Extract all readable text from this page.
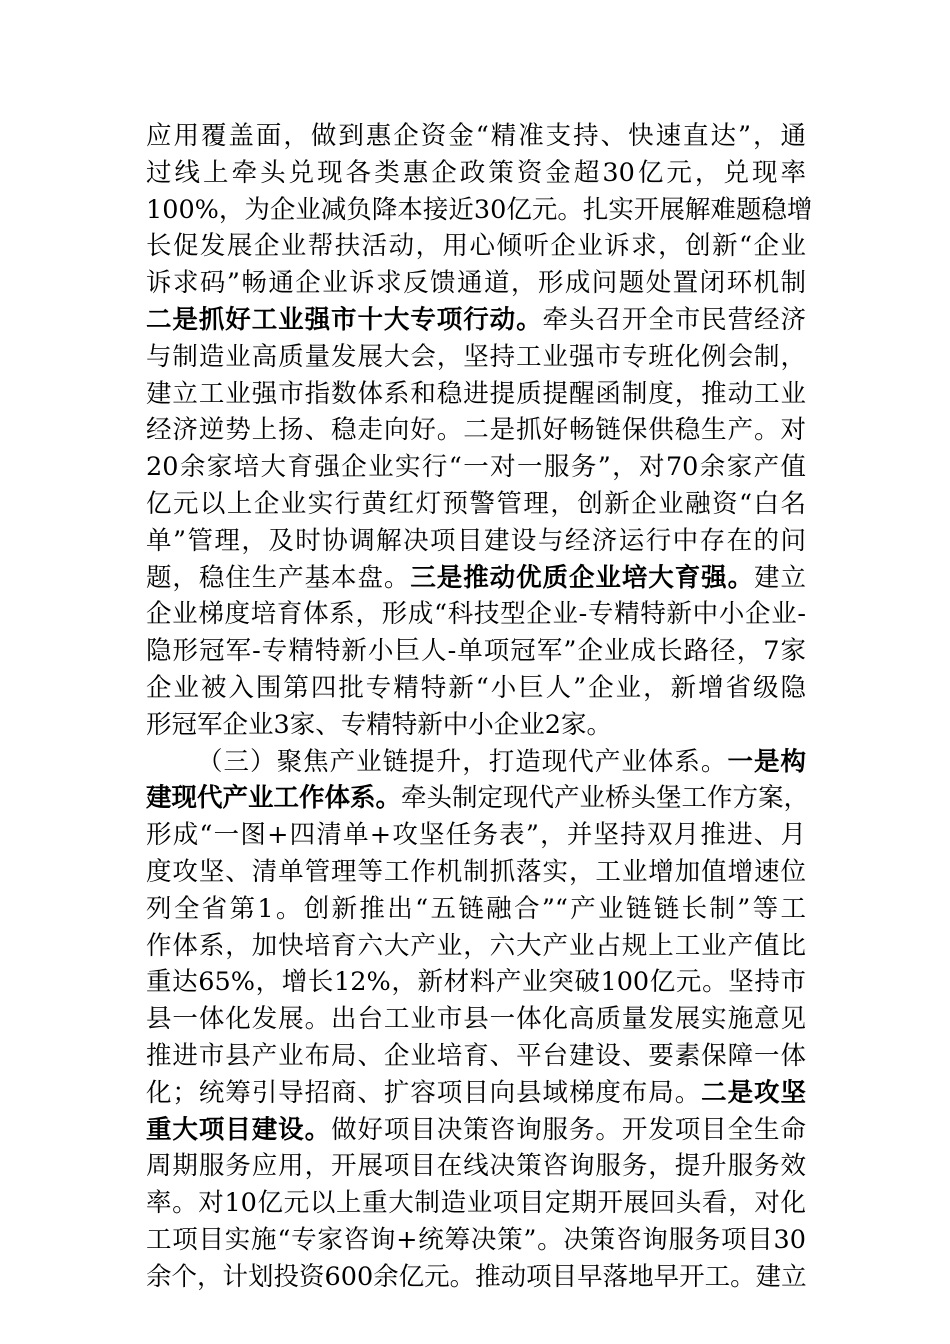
应用覆盖面，做到惠企资金“精准支持、快速直达”，通
过线上牵头兑现各类惠企政策资金超30亿元，兑现率
100%，为企业减负降本接近30亿元。扎实开展解难题稳增
长促发展企业帮扶活动，用心倾听企业诉求，创新“企业
诉求码”畅通企业诉求反馈通道，形成问题处置闭环机制
二是抓好工业强市十大专项行动。牵头召开全市民营经济
与制造业高质量发展大会，坚持工业强市专班化例会制，
建立工业强市指数体系和稳进提质提醒函制度，推动工业
经济逆势上扬、稳走向好。二是抓好畅链保供稳生产。对
20余家培大育强企业实行“一对一服务”，对70余家产值
亿元以上企业实行黄红灯预警管理，创新企业融资“白名
单”管理，及时协调解决项目建设与经济运行中存在的问
题，稳住生产基本盘。三是推动优质企业培大育强。建立
企业梯度培育体系，形成“科技型企业-专精特新中小企业-
隐形冠军-专精特新小巨人-单项冠军”企业成长路径，7家
企业被入围第四批专精特新“小巨人”企业，新增省级隐
形冠军企业3家、专精特新中小企业2家。
（三）聚焦产业链提升，打造现代产业体系。一是构
建现代产业工作体系。牵头制定现代产业桥头堡工作方案，
形成“一图+四清单+攻坚任务表”，并坚持双月推进、月
度攻坚、清单管理等工作机制抓落实，工业增加值增速位
列全省第1。创新推出“五链融合”“产业链链长制”等工
作体系，加快培育六大产业，六大产业占规上工业产值比
重达65%，增长12%，新材料产业突破100亿元。坚持市
县一体化发展。出台工业市县一体化高质量发展实施意见
推进市县产业布局、企业培育、平台建设、要素保障一体
化；统筹引导招商、扩容项目向县域梯度布局。二是攻坚
重大项目建设。做好项目决策咨询服务。开发项目全生命
周期服务应用，开展项目在线决策咨询服务，提升服务效
率。对10亿元以上重大制造业项目定期开展回头看，对化
工项目实施“专家咨询+统筹决策”。决策咨询服务项目30
余个，计划投资600余亿元。推动项目早落地早开工。建立
